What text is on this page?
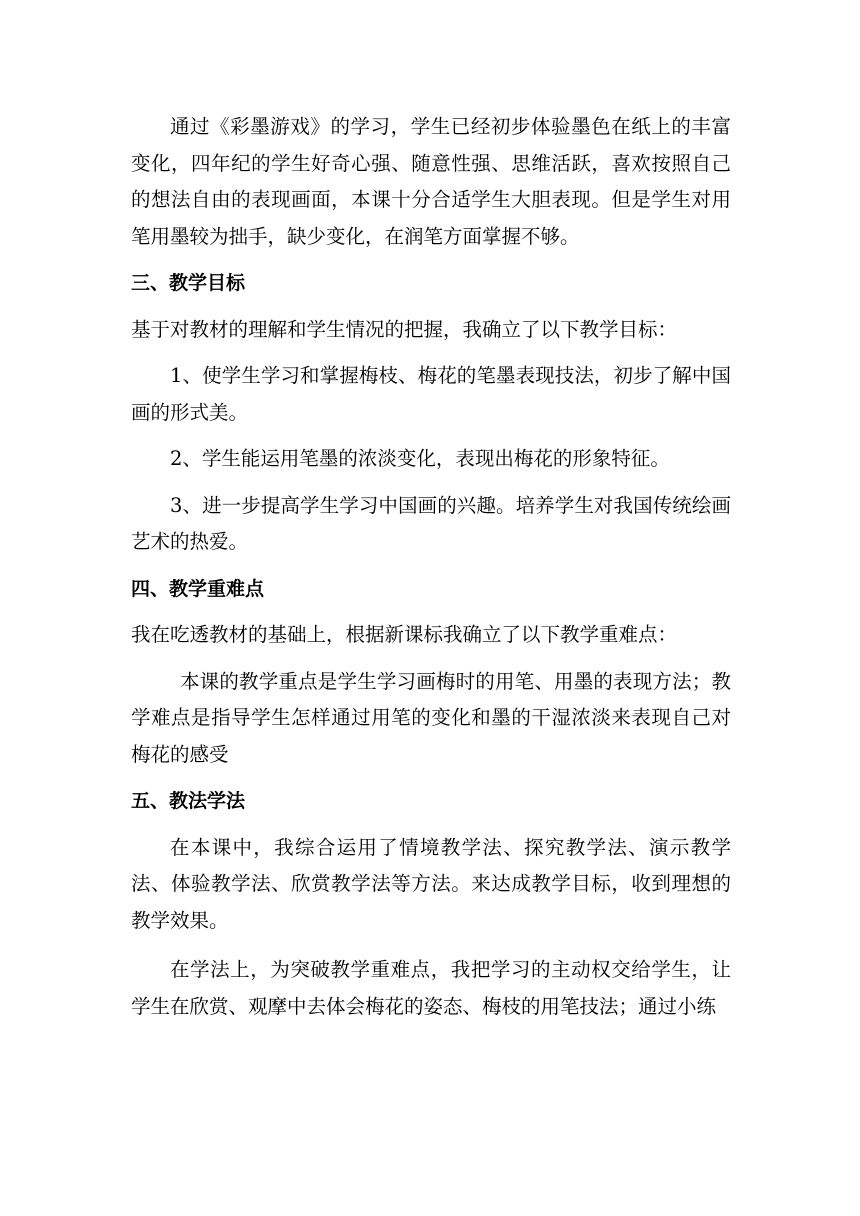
通过《彩墨游戏》的学习，学生已经初步体验墨色在纸上的丰富变化，四年纪的学生好奇心强、随意性强、思维活跃，喜欢按照自己的想法自由的表现画面，本课十分合适学生大胆表现。但是学生对用笔用墨较为拙手，缺少变化，在润笔方面掌握不够。

三、教学目标

基于对教材的理解和学生情况的把握，我确立了以下教学目标：

1、使学生学习和掌握梅枝、梅花的笔墨表现技法，初步了解中国画的形式美。

2、学生能运用笔墨的浓淡变化，表现出梅花的形象特征。

3、进一步提高学生学习中国画的兴趣。培养学生对我国传统绘画艺术的热爱。

四、教学重难点

我在吃透教材的基础上，根据新课标我确立了以下教学重难点：

本课的教学重点是学生学习画梅时的用笔、用墨的表现方法；教学难点是指导学生怎样通过用笔的变化和墨的干湿浓淡来表现自己对梅花的感受

五、教法学法

在本课中，我综合运用了情境教学法、探究教学法、演示教学法、体验教学法、欣赏教学法等方法。来达成教学目标，收到理想的教学效果。

在学法上，为突破教学重难点，我把学习的主动权交给学生，让学生在欣赏、观摩中去体会梅花的姿态、梅枝的用笔技法；通过小练
